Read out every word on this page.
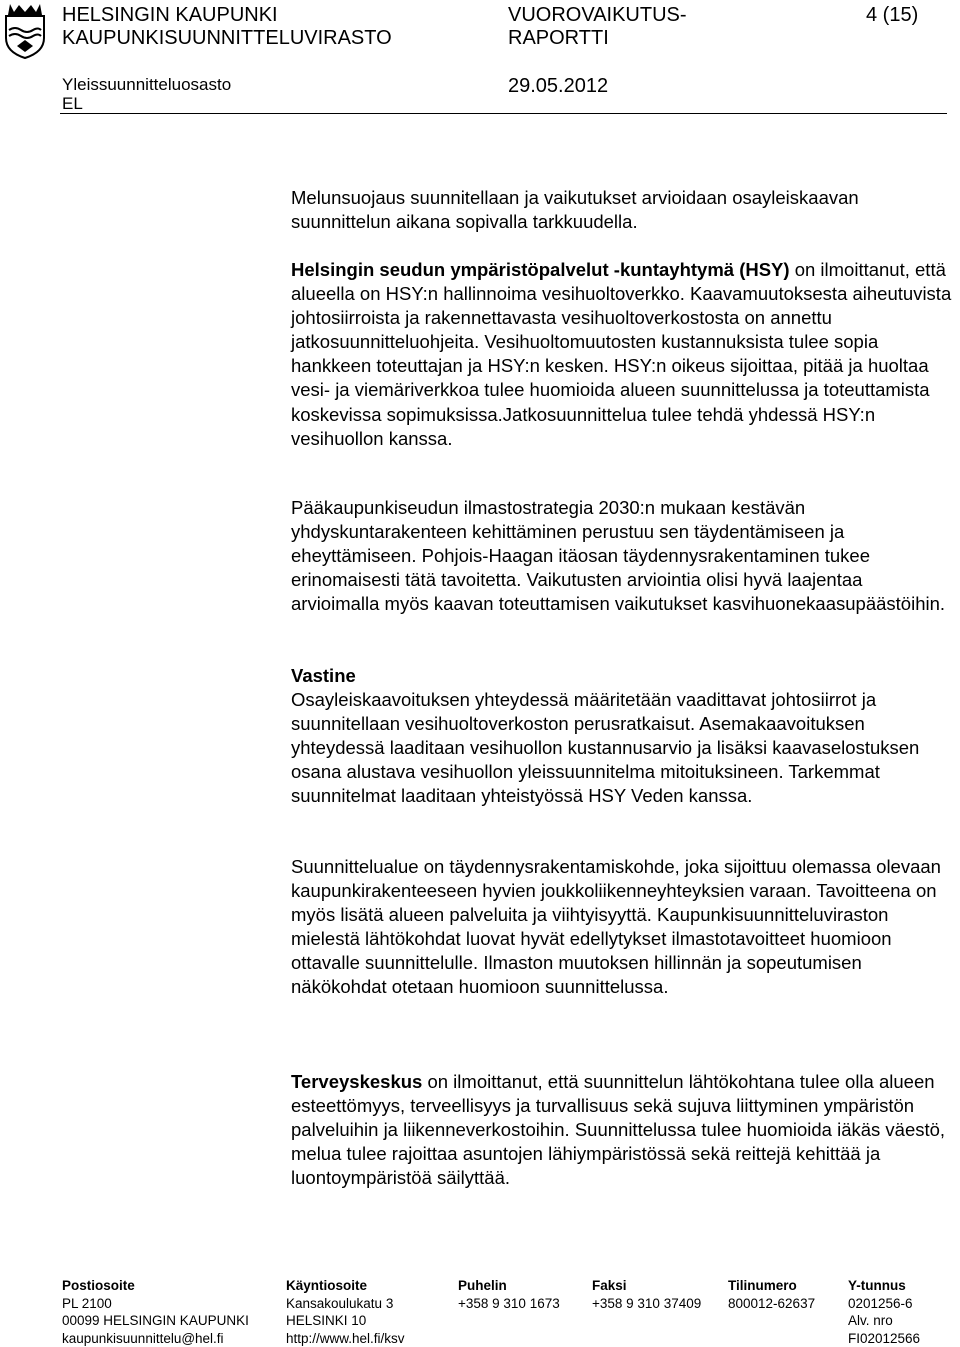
HELSINGIN KAUPUNKI
KAUPUNKISUUNNITTELUVIRASTO
VUOROVAIKUTUS-
RAPORTTI
4 (15)
Yleissuunnitteluosasto
EL
29.05.2012

Melunsuojaus suunnitellaan ja vaikutukset arvioidaan osayleiskaavan suunnittelun aikana sopivalla tarkkuudella.

Helsingin seudun ympäristöpalvelut -kuntayhtymä (HSY) on ilmoittanut, että alueella on HSY:n hallinnoima vesihuoltoverkko. Kaavamuutoksesta aiheutuvista johtosiirroista ja rakennettavasta vesihuoltoverkostosta on annettu jatkosuunnitteluohjeita. Vesihuoltomuutosten kustannuksista tulee sopia hankkeen toteuttajan ja HSY:n kesken. HSY:n oikeus sijoittaa, pitää ja huoltaa vesi- ja viemäriverkkoa tulee huomioida alueen suunnittelussa ja toteuttamista koskevissa sopimuksissa.Jatkosuunnittelua tulee tehdä yhdessä HSY:n vesihuollon kanssa.

Pääkaupunkiseudun ilmastostrategia 2030:n mukaan kestävän yhdyskuntarakenteen kehittäminen perustuu sen täydentämiseen ja eheyttämiseen. Pohjois-Haagan itäosan täydennysrakentaminen tukee erinomaisesti tätä tavoitetta. Vaikutusten arviointia olisi hyvä laajentaa arvioimalla myös kaavan toteuttamisen vaikutukset kasvihuonekaasupäästöihin.

Vastine

Osayleiskaavoituksen yhteydessä määritetään vaadittavat johtosiirrot ja suunnitellaan vesihuoltoverkoston perusratkaisut. Asemakaavoituksen yhteydessä laaditaan vesihuollon kustannusarvio ja lisäksi kaavaselostuksen osana alustava vesihuollon yleissuunnitelma mitoituksineen. Tarkemmat suunnitelmat laaditaan yhteistyössä HSY Veden kanssa.

Suunnittelualue on täydennysrakentamiskohde, joka sijoittuu olemassa olevaan kaupunkirakenteeseen hyvien joukkoliikenneyhteyksien varaan. Tavoitteena on myös lisätä alueen palveluita ja viihtyisyyttä. Kaupunkisuunnitteluviraston mielestä lähtökohdat luovat hyvät edellytykset ilmastotavoitteet huomioon ottavalle suunnittelulle. Ilmaston muutoksen hillinnän ja sopeutumisen näkökohdat otetaan huomioon suunnittelussa.

Terveyskeskus on ilmoittanut, että suunnittelun lähtökohtana tulee olla alueen esteettömyys, terveellisyys ja turvallisuus sekä sujuva liittyminen ympäristön palveluihin ja liikenneverkostoihin. Suunnittelussa tulee huomioida iäkäs väestö, melua tulee rajoittaa asuntojen lähiympäristössä sekä reittejä kehittää ja luontoympäristöä säilyttää.

Postiosoite
PL 2100
00099 HELSINGIN KAUPUNKI
kaupunkisuunnittelu@hel.fi
Käyntiosoite
Kansakoulukatu 3
HELSINKI 10
http://www.hel.fi/ksv
Puhelin
+358 9 310 1673
Faksi
+358 9 310 37409
Tilinumero
800012-62637
Y-tunnus
0201256-6
Alv. nro
FI02012566
